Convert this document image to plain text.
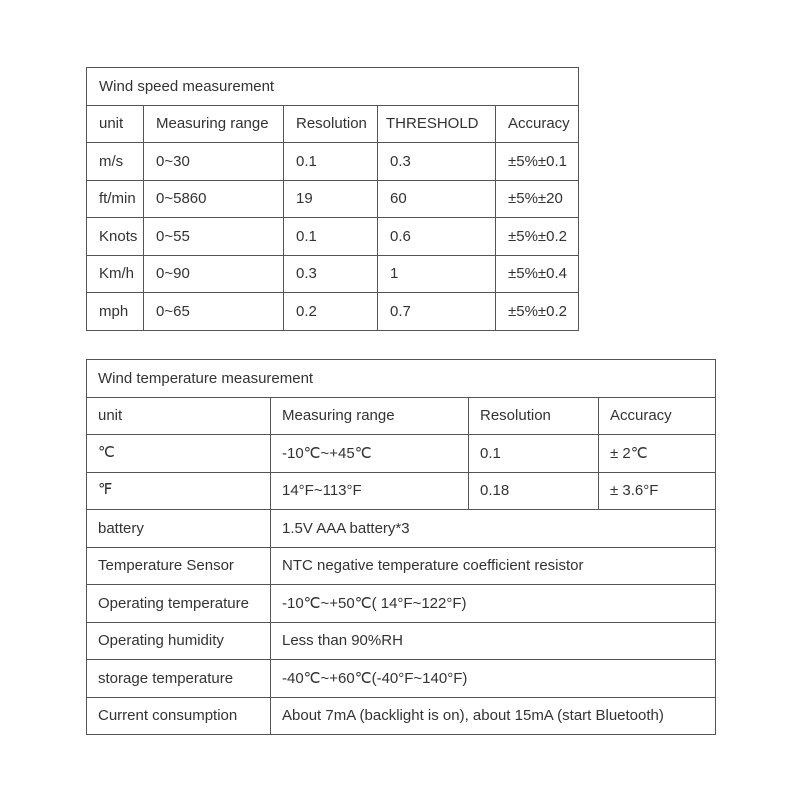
Wind speed measurement				
unit	Measuring range	Resolution	THRESHOLD	Accuracy
m/s	0~30	0.1	0.3	±5%±0.1
ft/min	0~5860	19	60	±5%±20
Knots	0~55	0.1	0.6	±5%±0.2
Km/h	0~90	0.3	1	±5%±0.4
mph	0~65	0.2	0.7	±5%±0.2
Wind temperature measurement			
unit	Measuring range	Resolution	Accuracy
℃	-10℃~+45℃	0.1	± 2℃
℉	14°F~113°F	0.18	± 3.6°F
battery	1.5V AAA battery*3		
Temperature Sensor	NTC negative temperature coefficient resistor		
Operating temperature	-10℃~+50℃( 14°F~122°F)		
Operating humidity	Less than 90%RH		
storage temperature	-40℃~+60℃(-40°F~140°F)		
Current consumption	About 7mA (backlight is on), about 15mA (start Bluetooth)		
